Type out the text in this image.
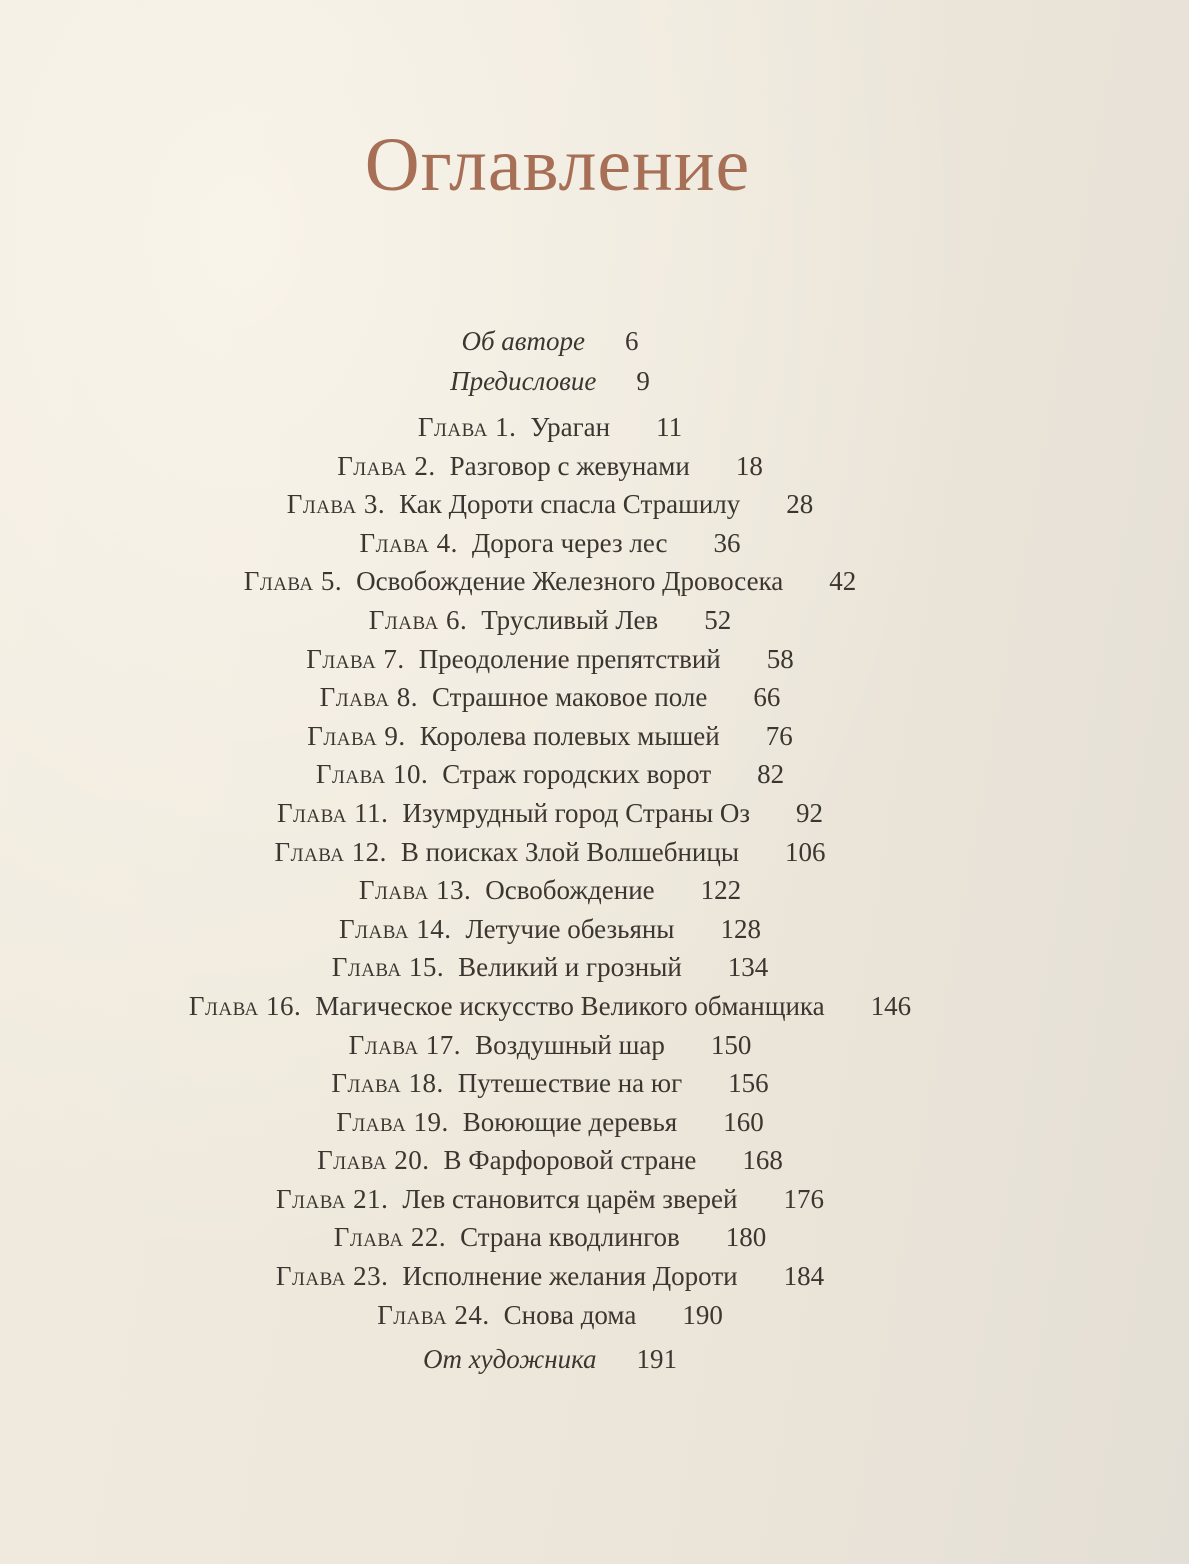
Оглавление
Об авторе 6
Предисловие 9
Глава 1. Ураган 11
Глава 2. Разговор с жевунами 18
Глава 3. Как Дороти спасла Страшилу 28
Глава 4. Дорога через лес 36
Глава 5. Освобождение Железного Дровосека 42
Глава 6. Трусливый Лев 52
Глава 7. Преодоление препятствий 58
Глава 8. Страшное маковое поле 66
Глава 9. Королева полевых мышей 76
Глава 10. Страж городских ворот 82
Глава 11. Изумрудный город Страны Оз 92
Глава 12. В поисках Злой Волшебницы 106
Глава 13. Освобождение 122
Глава 14. Летучие обезьяны 128
Глава 15. Великий и грозный 134
Глава 16. Магическое искусство Великого обманщика 146
Глава 17. Воздушный шар 150
Глава 18. Путешествие на юг 156
Глава 19. Воюющие деревья 160
Глава 20. В Фарфоровой стране 168
Глава 21. Лев становится царём зверей 176
Глава 22. Страна кводлингов 180
Глава 23. Исполнение желания Дороти 184
Глава 24. Снова дома 190
От художника 191
